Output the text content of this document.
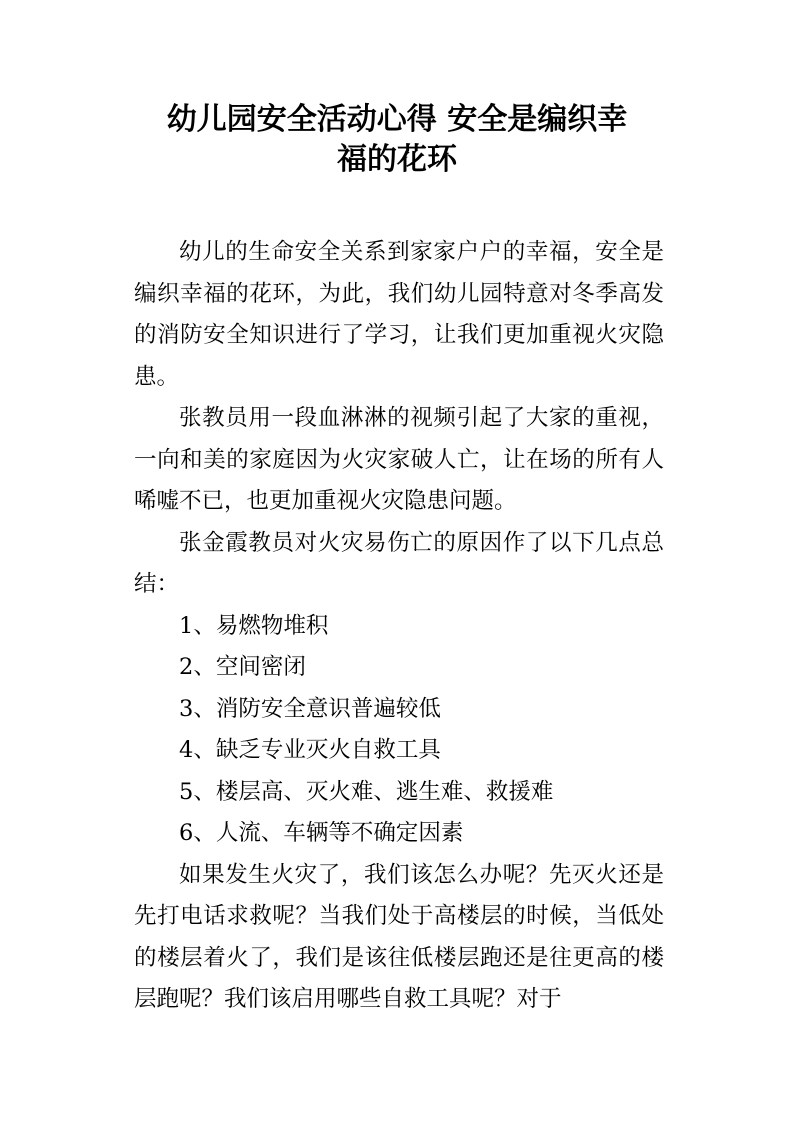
幼儿园安全活动心得 安全是编织幸
福的花环

幼儿的生命安全关系到家家户户的幸福，安全是编织幸福的花环，为此，我们幼儿园特意对冬季高发的消防安全知识进行了学习，让我们更加重视火灾隐患。

张教员用一段血淋淋的视频引起了大家的重视，一向和美的家庭因为火灾家破人亡，让在场的所有人唏嘘不已，也更加重视火灾隐患问题。

张金霞教员对火灾易伤亡的原因作了以下几点总结：

1、易燃物堆积

2、空间密闭

3、消防安全意识普遍较低

4、缺乏专业灭火自救工具

5、楼层高、灭火难、逃生难、救援难

6、人流、车辆等不确定因素

如果发生火灾了，我们该怎么办呢？先灭火还是先打电话求救呢？当我们处于高楼层的时候，当低处的楼层着火了，我们是该往低楼层跑还是往更高的楼层跑呢？我们该启用哪些自救工具呢？对于
